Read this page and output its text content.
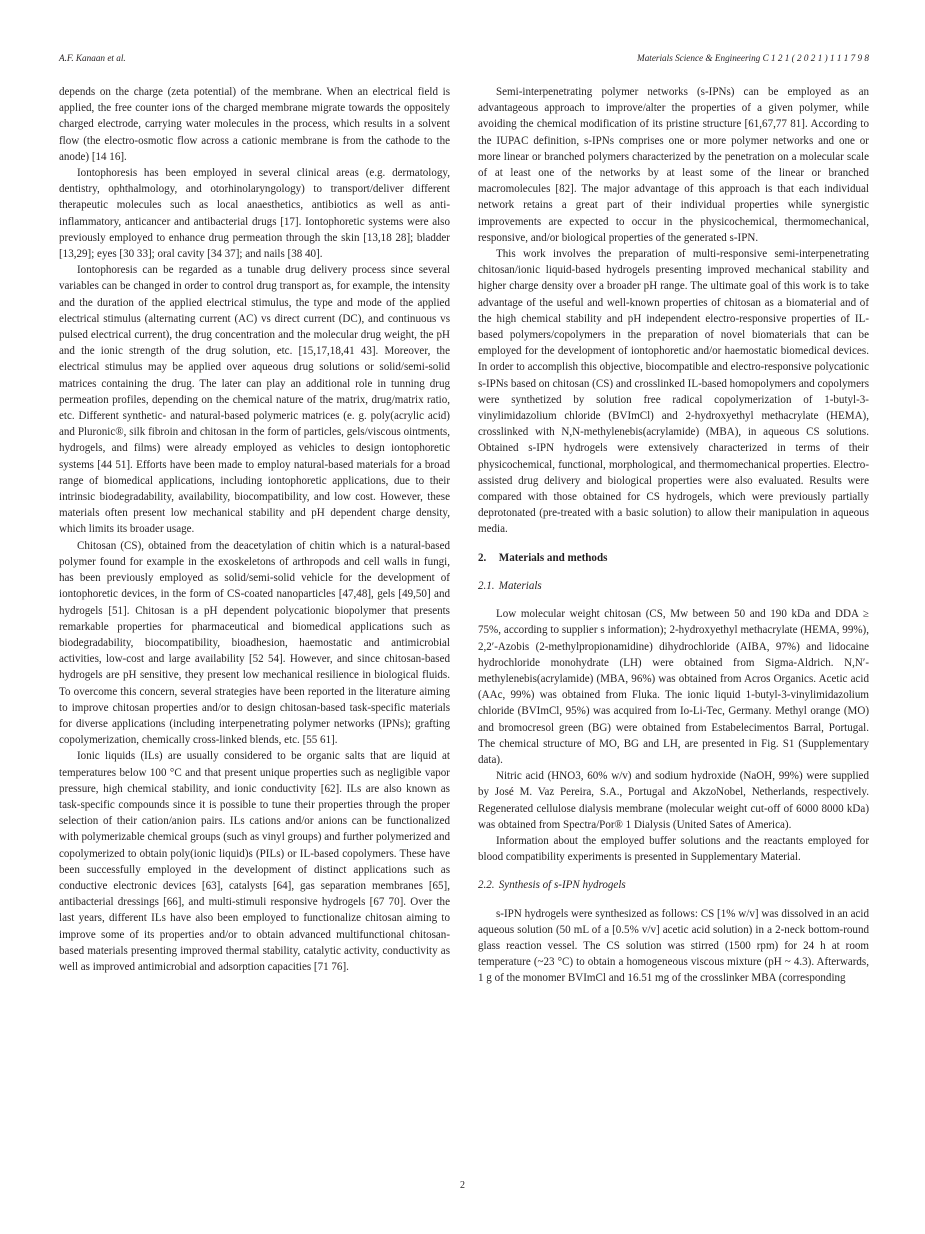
A.F. Kanaan et al.	Materials Science & Engineering C 1 2 1 ( 2 0 2 1 ) 1 1 1 7 9 8

depends on the charge (zeta potential) of the membrane. When an electrical field is applied, the free counter ions of the charged membrane migrate towards the oppositely charged electrode, carrying water molecules in the process, which results in a solvent flow (the electro-osmotic flow across a cationic membrane is from the cathode to the anode) [14 16].

Iontophoresis has been employed in several clinical areas (e.g. dermatology, dentistry, ophthalmology, and otorhinolaryngology) to transport/deliver different therapeutic molecules such as local anaesthetics, antibiotics as well as anti-inflammatory, anticancer and antibacterial drugs [17]. Iontophoretic systems were also previously employed to enhance drug permeation through the skin [13,18 28]; bladder [13,29]; eyes [30 33]; oral cavity [34 37]; and nails [38 40].

Iontophoresis can be regarded as a tunable drug delivery process since several variables can be changed in order to control drug transport as, for example, the intensity and the duration of the applied electrical stimulus, the type and mode of the applied electrical stimulus (alternating current (AC) vs direct current (DC), and continuous vs pulsed electrical current), the drug concentration and the molecular drug weight, the pH and the ionic strength of the drug solution, etc. [15,17,18,41 43]. Moreover, the electrical stimulus may be applied over aqueous drug solutions or solid/semi-solid matrices containing the drug. The later can play an additional role in tunning drug permeation profiles, depending on the chemical nature of the matrix, drug/matrix ratio, etc. Different synthetic- and natural-based polymeric matrices (e. g. poly(acrylic acid) and Pluronic®, silk fibroin and chitosan in the form of particles, gels/viscous ointments, hydrogels, and films) were already employed as vehicles to design iontophoretic systems [44 51]. Efforts have been made to employ natural-based materials for a broad range of biomedical applications, including iontophoretic applications, due to their intrinsic biodegradability, availability, biocompatibility, and low cost. However, these materials often present low mechanical stability and pH dependent charge density, which limits its broader usage.

Chitosan (CS), obtained from the deacetylation of chitin which is a natural-based polymer found for example in the exoskeletons of arthropods and cell walls in fungi, has been previously employed as solid/semi-solid vehicle for the development of iontophoretic devices, in the form of CS-coated nanoparticles [47,48], gels [49,50] and hydrogels [51]. Chitosan is a pH dependent polycationic biopolymer that presents remarkable properties for pharmaceutical and biomedical applications such as biodegradability, biocompatibility, bioadhesion, haemostatic and antimicrobial activities, low-cost and large availability [52 54]. However, and since chitosan-based hydrogels are pH sensitive, they present low mechanical resilience in biological fluids. To overcome this concern, several strategies have been reported in the literature aiming to improve chitosan properties and/or to design chitosan-based task-specific materials for diverse applications (including interpenetrating polymer networks (IPNs); grafting copolymerization, chemically cross-linked blends, etc. [55 61].

Ionic liquids (ILs) are usually considered to be organic salts that are liquid at temperatures below 100 °C and that present unique properties such as negligible vapor pressure, high chemical stability, and ionic conductivity [62]. ILs are also known as task-specific compounds since it is possible to tune their properties through the proper selection of their cation/anion pairs. ILs cations and/or anions can be functionalized with polymerizable chemical groups (such as vinyl groups) and further polymerized and copolymerized to obtain poly(ionic liquid)s (PILs) or IL-based copolymers. These have been successfully employed in the development of distinct applications such as conductive electronic devices [63], catalysts [64], gas separation membranes [65], antibacterial dressings [66], and multi-stimuli responsive hydrogels [67 70]. Over the last years, different ILs have also been employed to functionalize chitosan aiming to improve some of its properties and/or to obtain advanced multifunctional chitosan-based materials presenting improved thermal stability, catalytic activity, conductivity as well as improved antimicrobial and adsorption capacities [71 76].

Semi-interpenetrating polymer networks (s-IPNs) can be employed as an advantageous approach to improve/alter the properties of a given polymer, while avoiding the chemical modification of its pristine structure [61,67,77 81]. According to the IUPAC definition, s-IPNs comprises one or more polymer networks and one or more linear or branched polymers characterized by the penetration on a molecular scale of at least one of the networks by at least some of the linear or branched macromolecules [82]. The major advantage of this approach is that each individual network retains a great part of their individual properties while synergistic improvements are expected to occur in the physicochemical, thermomechanical, responsive, and/or biological properties of the generated s-IPN.

This work involves the preparation of multi-responsive semi-interpenetrating chitosan/ionic liquid-based hydrogels presenting improved mechanical stability and higher charge density over a broader pH range. The ultimate goal of this work is to take advantage of the useful and well-known properties of chitosan as a biomaterial and of the high chemical stability and pH independent electro-responsive properties of IL-based polymers/copolymers in the preparation of novel biomaterials that can be employed for the development of iontophoretic and/or haemostatic biomedical devices. In order to accomplish this objective, biocompatible and electro-responsive polycationic s-IPNs based on chitosan (CS) and crosslinked IL-based homopolymers and copolymers were synthetized by solution free radical copolymerization of 1-butyl-3-vinylimidazolium chloride (BVImCl) and 2-hydroxyethyl methacrylate (HEMA), crosslinked with N,N-methylenebis(acrylamide) (MBA), in aqueous CS solutions. Obtained s-IPN hydrogels were extensively characterized in terms of their physicochemical, functional, morphological, and thermomechanical properties. Electro-assisted drug delivery and biological properties were also evaluated. Results were compared with those obtained for CS hydrogels, which were previously partially deprotonated (pre-treated with a basic solution) to allow their manipulation in aqueous media.

2. Materials and methods
2.1. Materials

Low molecular weight chitosan (CS, Mw between 50 and 190 kDa and DDA ≥ 75%, according to supplier s information); 2-hydroxyethyl methacrylate (HEMA, 99%), 2,2′-Azobis (2-methylpropionamidine) dihydrochloride (AIBA, 97%) and lidocaine hydrochloride monohydrate (LH) were obtained from Sigma-Aldrich. N,N′-methylenebis(acrylamide) (MBA, 96%) was obtained from Acros Organics. Acetic acid (AAc, 99%) was obtained from Fluka. The ionic liquid 1-butyl-3-vinylimidazolium chloride (BVImCl, 95%) was acquired from Io-Li-Tec, Germany. Methyl orange (MO) and bromocresol green (BG) were obtained from Estabelecimentos Barral, Portugal. The chemical structure of MO, BG and LH, are presented in Fig. S1 (Supplementary data).

Nitric acid (HNO3, 60% w/v) and sodium hydroxide (NaOH, 99%) were supplied by José M. Vaz Pereira, S.A., Portugal and AkzoNobel, Netherlands, respectively. Regenerated cellulose dialysis membrane (molecular weight cut-off of 6000 8000 kDa) was obtained from Spectra/Por® 1 Dialysis (United Sates of America).

Information about the employed buffer solutions and the reactants employed for blood compatibility experiments is presented in Supplementary Material.

2.2. Synthesis of s-IPN hydrogels

s-IPN hydrogels were synthesized as follows: CS [1% w/v] was dissolved in an acid aqueous solution (50 mL of a [0.5% v/v] acetic acid solution) in a 2-neck bottom-round glass reaction vessel. The CS solution was stirred (1500 rpm) for 24 h at room temperature (~23 °C) to obtain a homogeneous viscous mixture (pH ~ 4.3). Afterwards, 1 g of the monomer BVImCl and 16.51 mg of the crosslinker MBA (corresponding

2
